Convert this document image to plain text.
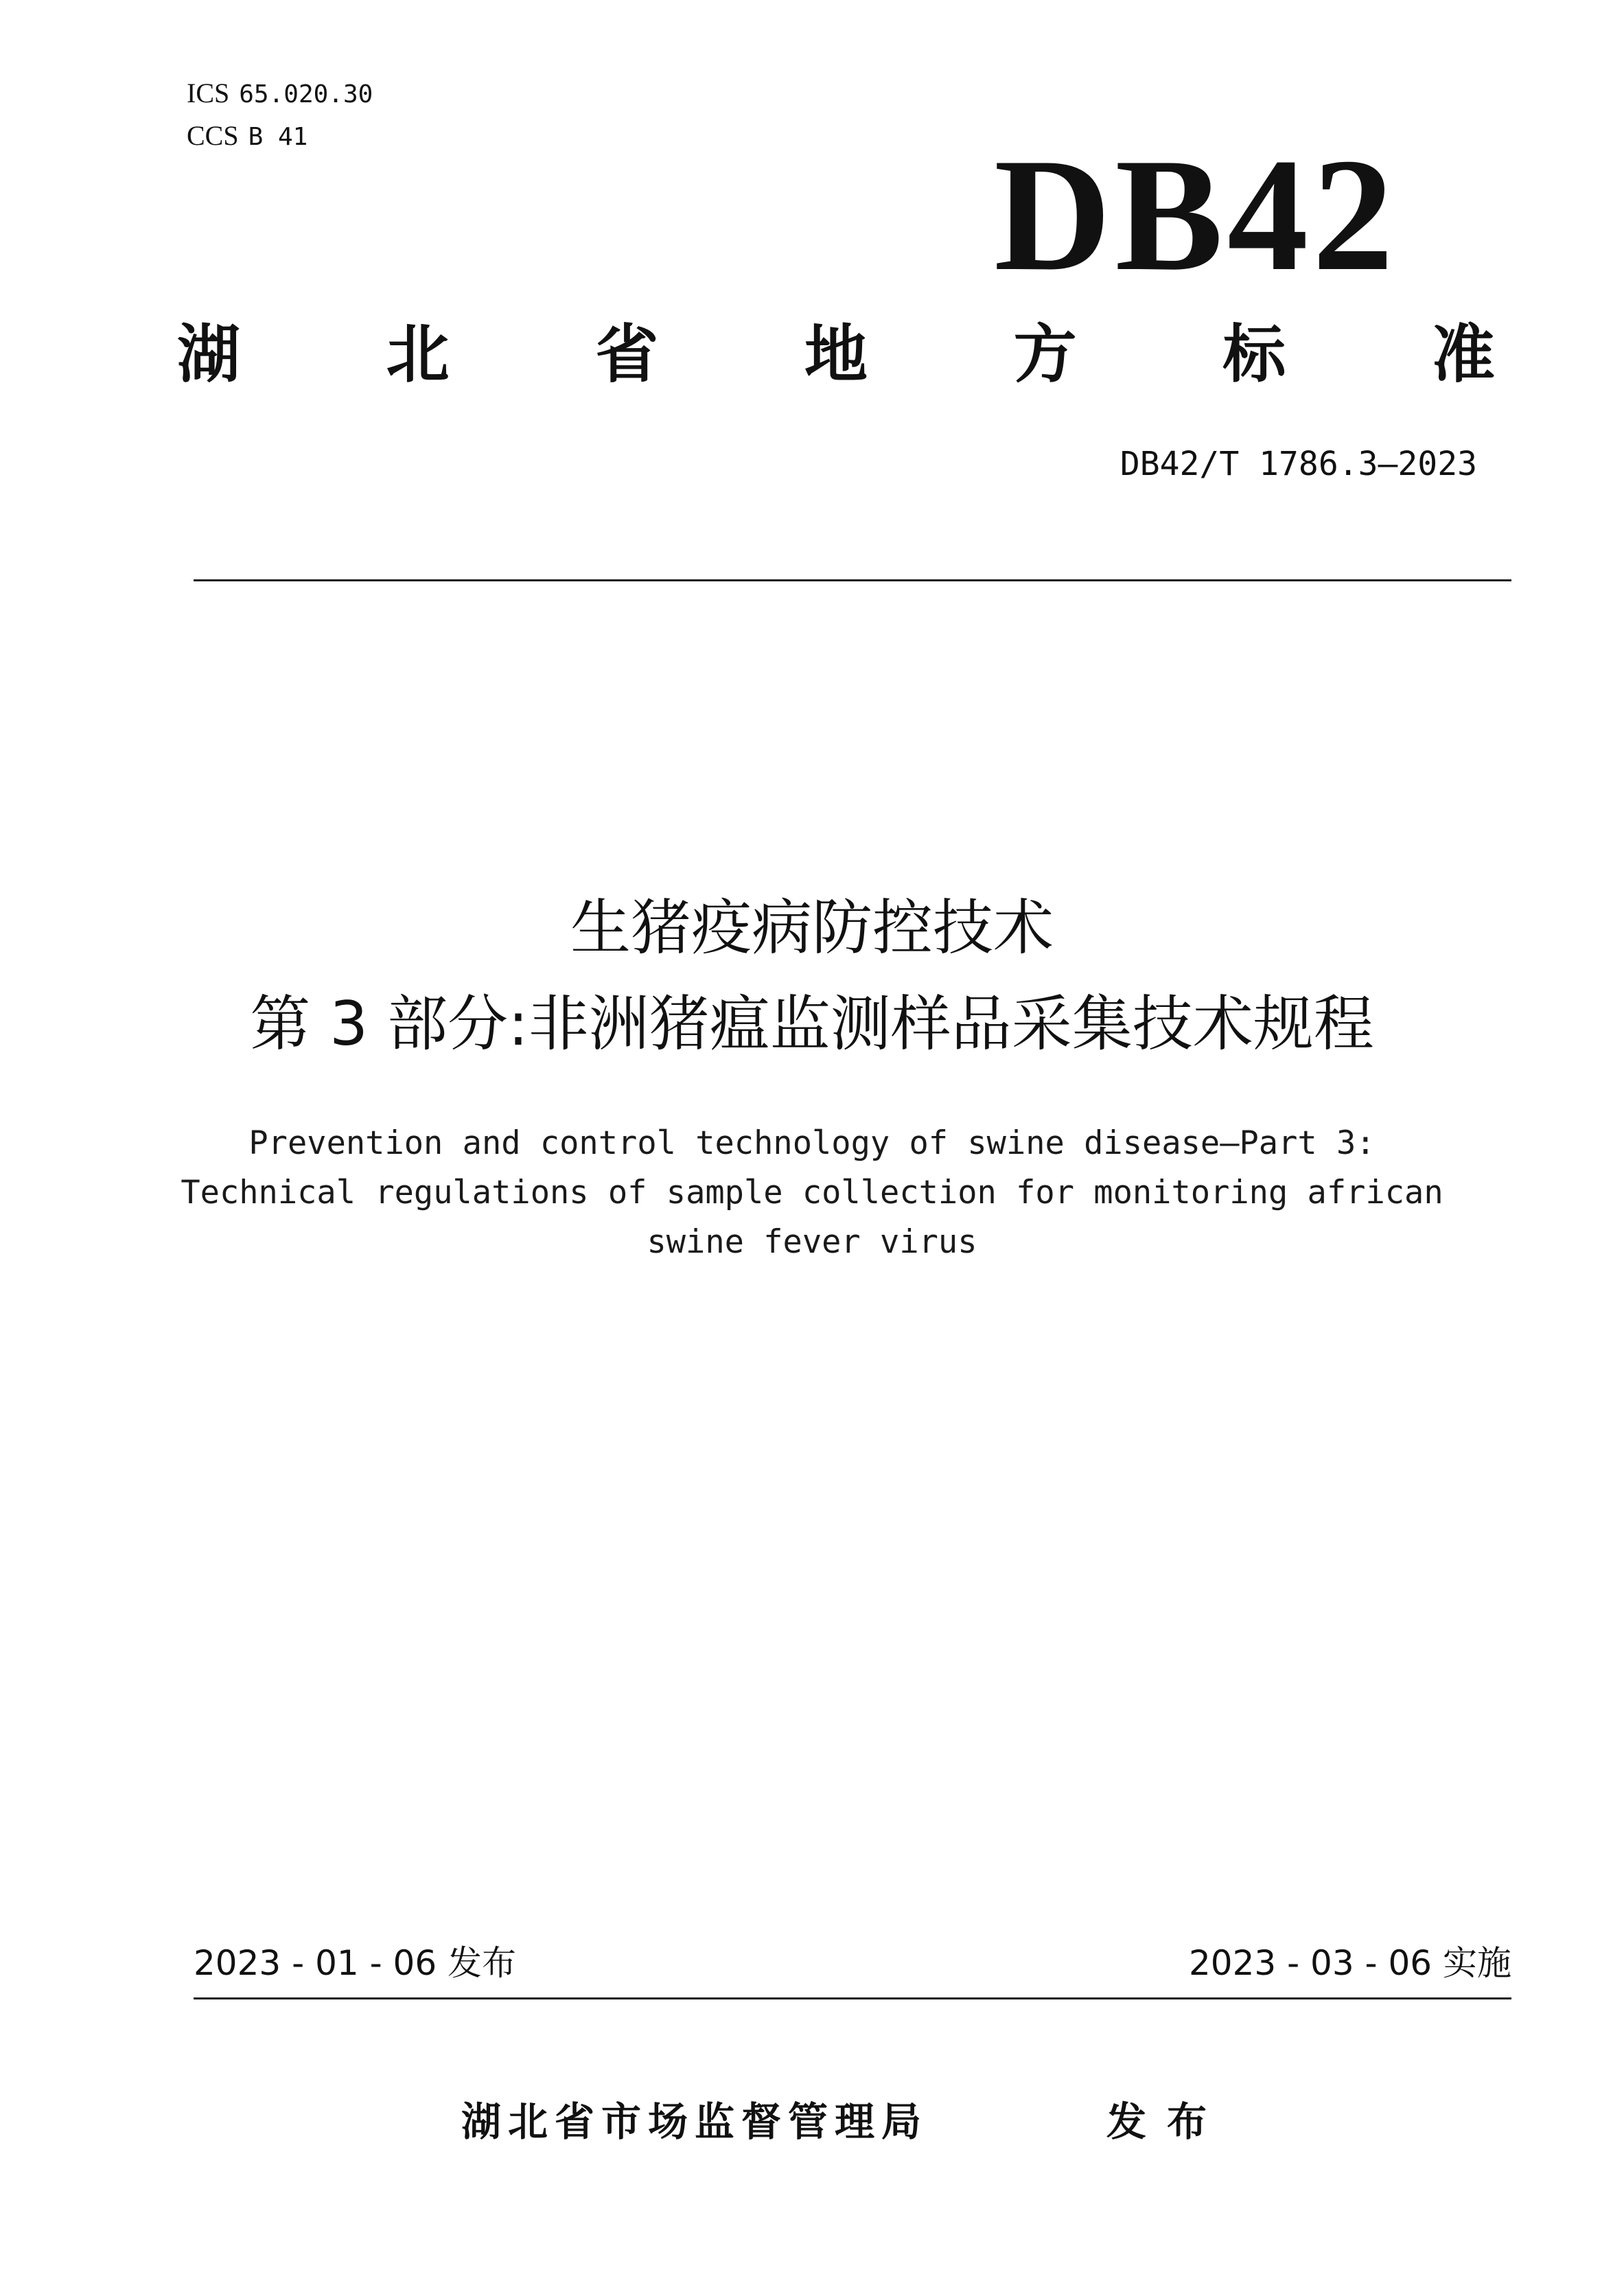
ICS 65.020.30
CCS B 41	DB42
湖 北 省 地 方 标 准
DB42/T 1786.3—2023
生猪疫病防控技术
第 3 部分:非洲猪瘟监测样品采集技术规程
Prevention and control technology of swine disease—Part 3:
Technical regulations of sample collection for monitoring african
swine fever virus
2023 - 01 - 06 发布	2023 - 03 - 06 实施
湖北省市场监督管理局	发布
